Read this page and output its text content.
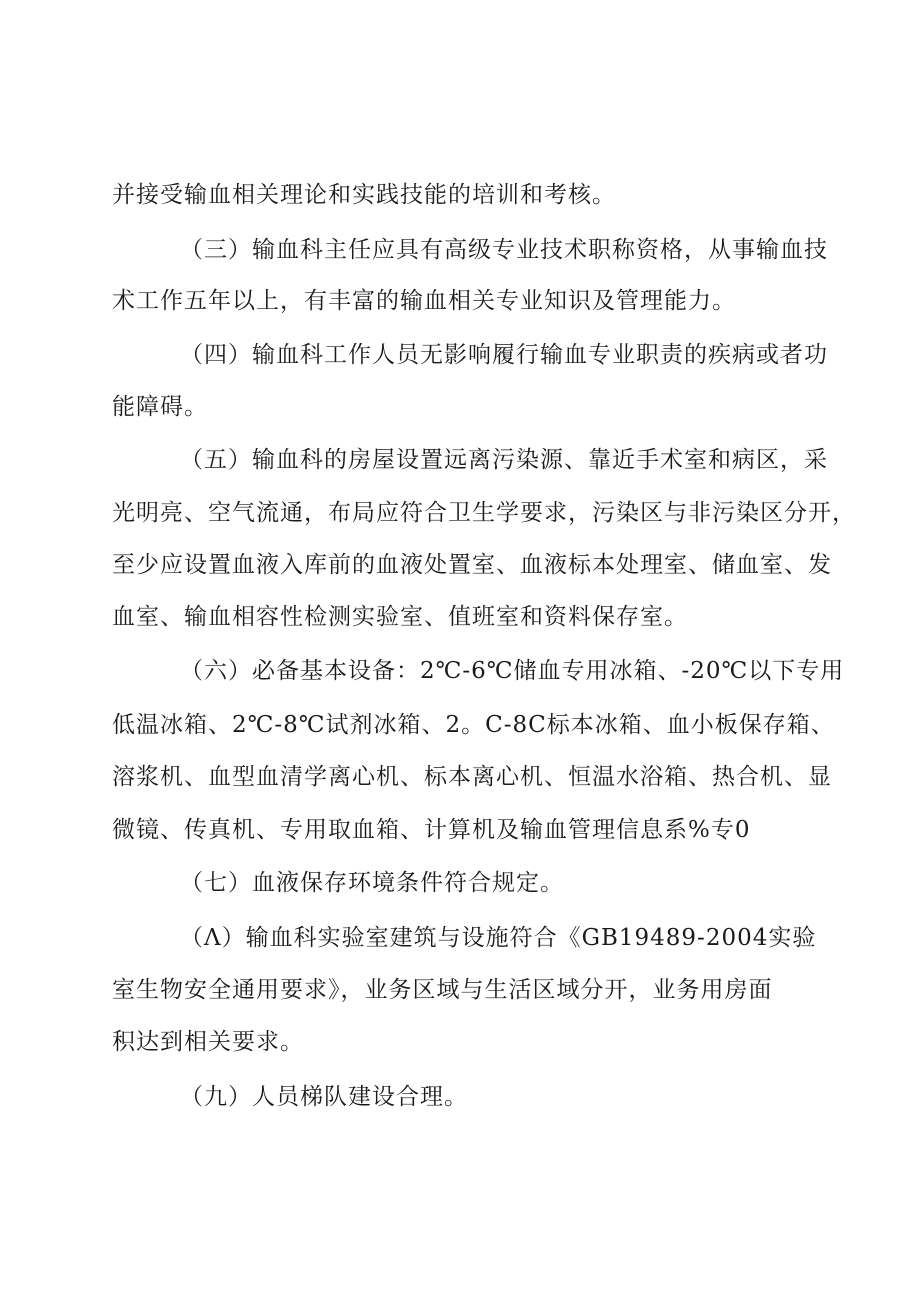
并接受输血相关理论和实践技能的培训和考核。

（三）输血科主任应具有高级专业技术职称资格，从事输血技

术工作五年以上，有丰富的输血相关专业知识及管理能力。

（四）输血科工作人员无影响履行输血专业职责的疾病或者功

能障碍。

（五）输血科的房屋设置远离污染源、靠近手术室和病区，采

光明亮、空气流通，布局应符合卫生学要求，污染区与非污染区分开，

至少应设置血液入库前的血液处置室、血液标本处理室、储血室、发

血室、输血相容性检测实验室、值班室和资料保存室。

（六）必备基本设备：2℃-6℃储血专用冰箱、-20℃以下专用

低温冰箱、2℃-8℃试剂冰箱、2。C-8C标本冰箱、血小板保存箱、

溶浆机、血型血清学离心机、标本离心机、恒温水浴箱、热合机、显

微镜、传真机、专用取血箱、计算机及输血管理信息系%专0

（七）血液保存环境条件符合规定。

（Λ）输血科实验室建筑与设施符合《GB19489-2004实验

室生物安全通用要求》，业务区域与生活区域分开，业务用房面

积达到相关要求。

（九）人员梯队建设合理。
